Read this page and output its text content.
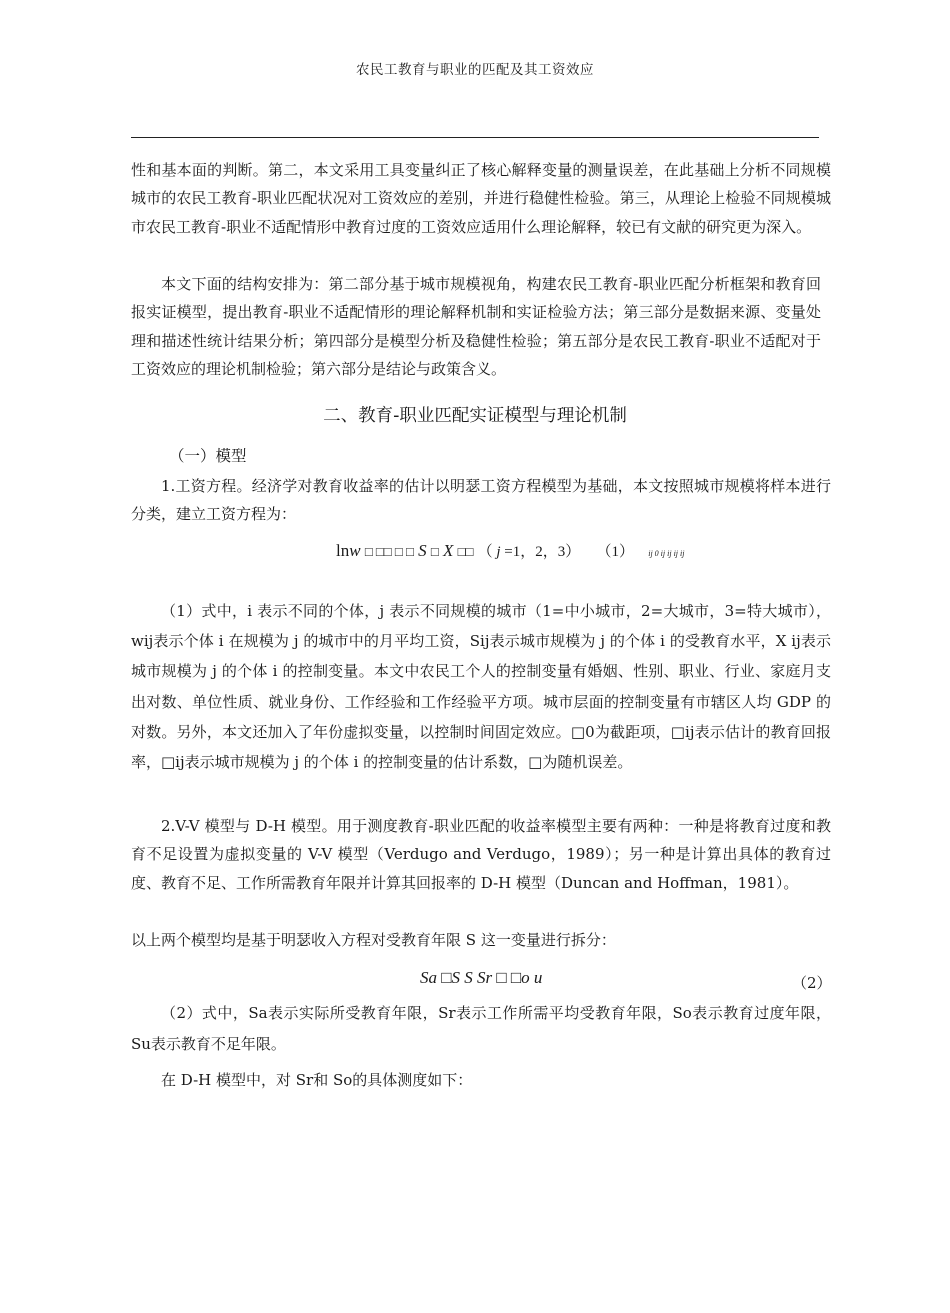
农民工教育与职业的匹配及其工资效应

性和基本面的判断。第二，本文采用工具变量纠正了核心解释变量的测量误差，在此基础上分析不同规模城市的农民工教育-职业匹配状况对工资效应的差别，并进行稳健性检验。第三，从理论上检验不同规模城市农民工教育-职业不适配情形中教育过度的工资效应适用什么理论解释，较已有文献的研究更为深入。

本文下面的结构安排为：第二部分基于城市规模视角，构建农民工教育-职业匹配分析框架和教育回报实证模型，提出教育-职业不适配情形的理论解释机制和实证检验方法；第三部分是数据来源、变量处理和描述性统计结果分析；第四部分是模型分析及稳健性检验；第五部分是农民工教育-职业不适配对于工资效应的理论机制检验；第六部分是结论与政策含义。

二、教育-职业匹配实证模型与理论机制
（一）模型

1.工资方程。经济学对教育收益率的估计以明瑟工资方程模型为基础，本文按照城市规模将样本进行分类，建立工资方程为：

lnw □ □□ □ □ S □ X □□ （ j =1，2，3） （1） ij 0 ij ij ij ij

（1）式中，i 表示不同的个体，j 表示不同规模的城市（1=中小城市，2=大城市，3=特大城市）， wij表示个体 i 在规模为 j 的城市中的月平均工资，Sij表示城市规模为 j 的个体 i 的受教育水平，X ij表示城市规模为 j 的个体 i 的控制变量。本文中农民工个人的控制变量有婚姻、性别、职业、行业、家庭月支出对数、单位性质、就业身份、工作经验和工作经验平方项。城市层面的控制变量有市辖区人均 GDP 的对数。另外，本文还加入了年份虚拟变量，以控制时间固定效应。□0为截距项，□ij表示估计的教育回报率，□ij表示城市规模为 j 的个体 i 的控制变量的估计系数，□为随机误差。

2.V-V 模型与 D-H 模型。用于测度教育-职业匹配的收益率模型主要有两种：一种是将教育过度和教育不足设置为虚拟变量的 V-V 模型（Verdugo and Verdugo，1989）；另一种是计算出具体的教育过度、教育不足、工作所需教育年限并计算其回报率的 D-H 模型（Duncan and Hoffman，1981）。

以上两个模型均是基于明瑟收入方程对受教育年限 S 这一变量进行拆分：

Sa □S S Sr □ □o u	（2）

（2）式中，Sa表示实际所受教育年限，Sr表示工作所需平均受教育年限，So表示教育过度年限，Su表示教育不足年限。

在 D-H 模型中，对 Sr和 So的具体测度如下：
